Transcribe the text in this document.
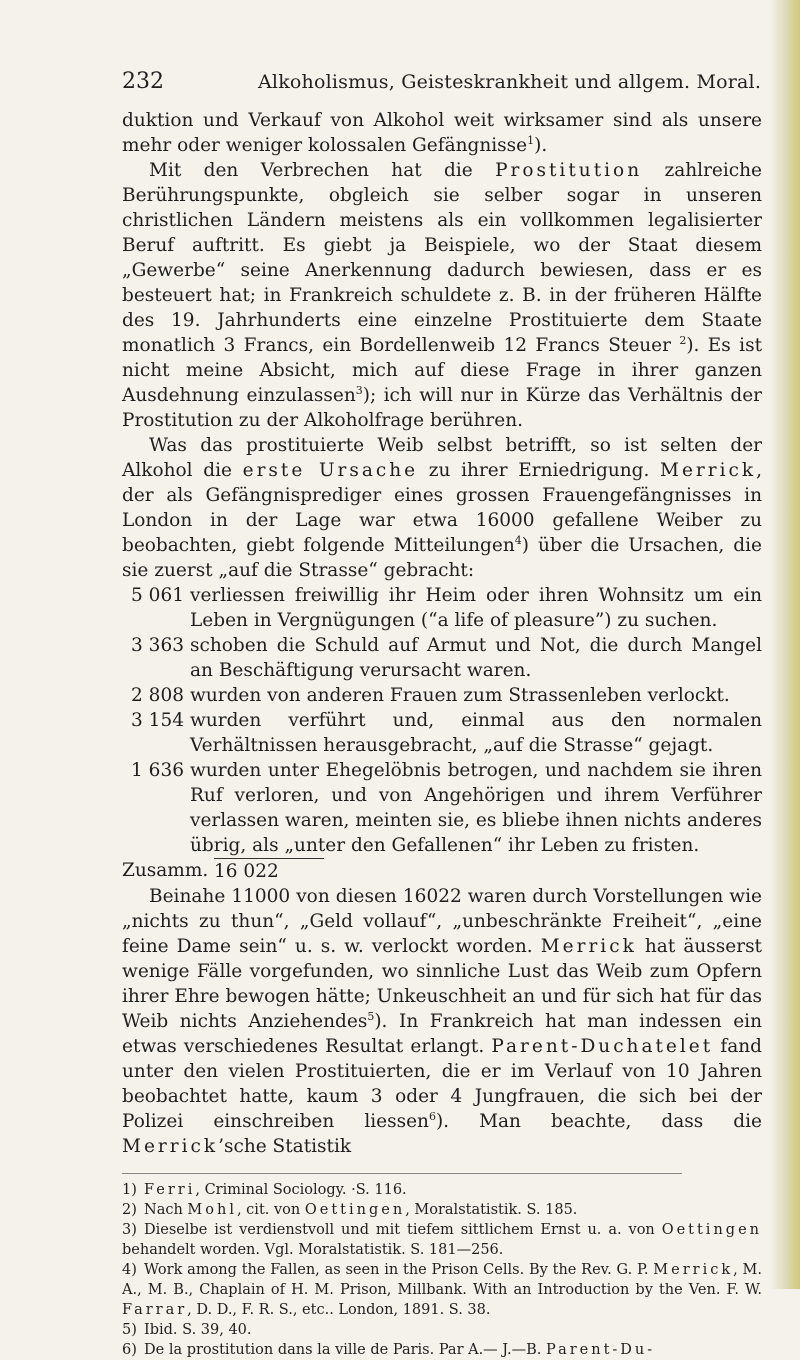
232	Alkoholismus, Geisteskrankheit und allgem. Moral.

duktion und Verkauf von Alkohol weit wirksamer sind als unsere mehr oder weniger kolossalen Gefängnisse$^1$).

Mit den Verbrechen hat die Prostitution zahlreiche Berührungspunkte, obgleich sie selber sogar in unseren christlichen Ländern meistens als ein vollkommen legalisierter Beruf auftritt. Es giebt ja Beispiele, wo der Staat diesem „Gewerbe“ seine Anerkennung dadurch bewiesen, dass er es besteuert hat; in Frankreich schuldete z. B. in der früheren Hälfte des 19. Jahrhunderts eine einzelne Prostituierte dem Staate monatlich 3 Francs, ein Bordellenweib 12 Francs Steuer $^2$). Es ist nicht meine Absicht, mich auf diese Frage in ihrer ganzen Ausdehnung einzulassen$^3$); ich will nur in Kürze das Verhältnis der Prostitution zu der Alkoholfrage berühren.

Was das prostituierte Weib selbst betrifft, so ist selten der Alkohol die erste Ursache zu ihrer Erniedrigung. Merrick, der als Gefängnisprediger eines grossen Frauengefängnisses in London in der Lage war etwa 16000 gefallene Weiber zu beobachten, giebt folgende Mitteilungen$^4$) über die Ursachen, die sie zuerst „auf die Strasse“ gebracht:

5 061 verliessen freiwillig ihr Heim oder ihren Wohnsitz um ein Leben in Vergnügungen (“a life of pleasure”) zu suchen.
3 363 schoben die Schuld auf Armut und Not, die durch Mangel an Beschäftigung verursacht waren.
2 808 wurden von anderen Frauen zum Strassenleben verlockt.
3 154 wurden verführt und, einmal aus den normalen Verhältnissen herausgebracht, „auf die Strasse“ gejagt.
1 636 wurden unter Ehegelöbnis betrogen, und nachdem sie ihren Ruf verloren, und von Angehörigen und ihrem Verführer verlassen waren, meinten sie, es bliebe ihnen nichts anderes übrig, als „unter den Gefallenen“ ihr Leben zu fristen.
Zusamm. 16 022

Beinahe 11000 von diesen 16022 waren durch Vorstellungen wie „nichts zu thun“, „Geld vollauf“, „unbeschränkte Freiheit“, „eine feine Dame sein“ u. s. w. verlockt worden. Merrick hat äusserst wenige Fälle vorgefunden, wo sinnliche Lust das Weib zum Opfern ihrer Ehre bewogen hätte; Unkeuschheit an und für sich hat für das Weib nichts Anziehendes$^5$). In Frankreich hat man indessen ein etwas verschiedenes Resultat erlangt. Parent-Duchatelet fand unter den vielen Prostituierten, die er im Verlauf von 10 Jahren beobachtet hatte, kaum 3 oder 4 Jungfrauen, die sich bei der Polizei einschreiben liessen$^6$). Man beachte, dass die Merrick’sche Statistik

1) Ferri, Criminal Sociology. ·S. 116.
2) Nach Mohl, cit. von Oettingen, Moralstatistik. S. 185.
3) Dieselbe ist verdienstvoll und mit tiefem sittlichem Ernst u. a. von Oettingen behandelt worden. Vgl. Moralstatistik. S. 181—256.
4) Work among the Fallen, as seen in the Prison Cells. By the Rev. G. P. Merrick, M. A., M. B., Chaplain of H. M. Prison, Millbank. With an Introduction by the Ven. F. W. Farrar, D. D., F. R. S., etc.. London, 1891. S. 38.
5) Ibid. S. 39, 40.
6) De la prostitution dans la ville de Paris. Par A.— J.—B. Parent-Du-
